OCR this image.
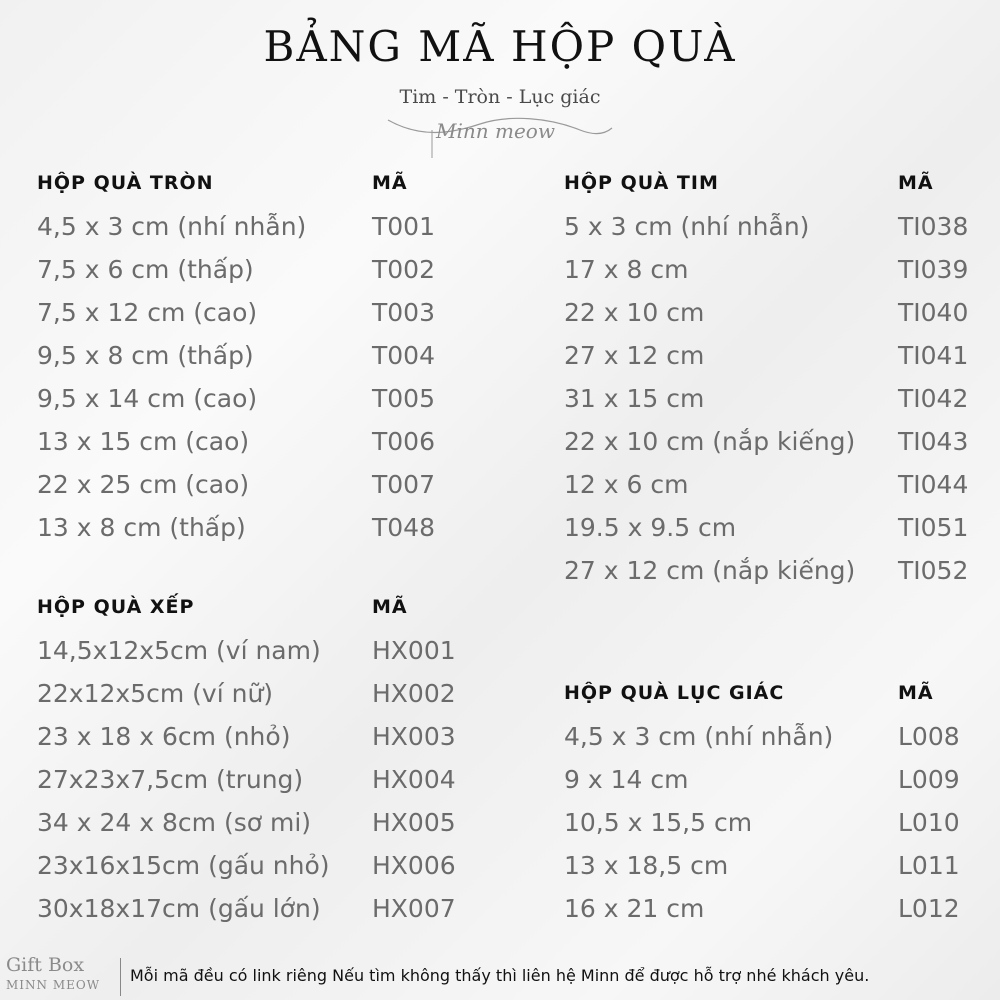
BẢNG MÃ HỘP QUÀ
Tim - Tròn - Lục giác
Minn meow
HỘP QUÀ TRÒN	MÃ
4,5 x 3 cm (nhí nhẫn)	T001
7,5 x 6 cm (thấp)	T002
7,5 x 12 cm (cao)	T003
9,5 x 8 cm (thấp)	T004
9,5 x 14 cm (cao)	T005
13 x 15 cm (cao)	T006
22 x 25 cm (cao)	T007
13 x 8 cm (thấp)	T048
HỘP QUÀ XẾP	MÃ
14,5x12x5cm (ví nam) HX001
22x12x5cm (ví nữ)	HX002
23 x 18 x 6cm (nhỏ)	HX003
27x23x7,5cm (trung)	HX004
34 x 24 x 8cm (sơ mi) HX005
23x16x15cm (gấu nhỏ) HX006
30x18x17cm (gấu lớn) HX007
HỘP QUÀ TIM	MÃ
5 x 3 cm (nhí nhẫn)	TI038
17 x 8 cm	TI039
22 x 10 cm	TI040
27 x 12 cm	TI041
31 x 15 cm	TI042
22 x 10 cm (nắp kiếng) TI043
12 x 6 cm	TI044
19.5 x 9.5 cm	TI051
27 x 12 cm (nắp kiếng) TI052
HỘP QUÀ LỤC GIÁC	MÃ
4,5 x 3 cm (nhí nhẫn)	L008
9 x 14 cm	L009
10,5 x 15,5 cm	L010
13 x 18,5 cm	L011
16 x 21 cm	L012
Gift Box
MINN MEOW	Mỗi mã đều có link riêng Nếu tìm không thấy thì liên hệ Minn để được hỗ trợ nhé khách yêu.
